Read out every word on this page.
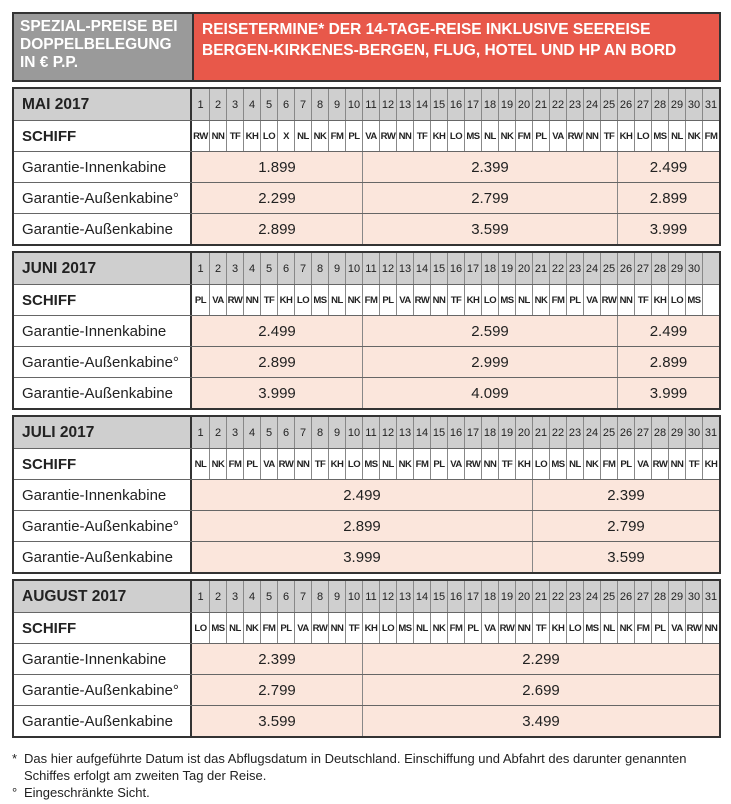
SPEZIAL-PREISE BEI DOPPELBELEGUNG IN € P.P.
REISETERMINE* DER 14-TAGE-REISE INKLUSIVE SEEREISE BERGEN-KIRKENES-BERGEN, FLUG, HOTEL UND HP AN BORD
MAI 2017	1	2 3 4 5 6 7 8 9 10 11 12 13 14 15 16 17 18 19 20 21 22 23 24 25 26 27 28 29 30 31
SCHIFF	RW NN TF KH LO X NL NK FM PL VA RW NN TF KH LO MS NL NK FM PL VA RW NN TF KH LO MS NL NK FM
Garantie-Innenkabine	1.899	2.399	2.499
Garantie-Außenkabine°	2.299	2.799	2.899
Garantie-Außenkabine	2.899	3.599	3.999
JUNI 2017	1	2 3 4 5 6 7 8 9 10 11 12 13 14 15 16 17 18 19 20 21 22 23 24 25 26 27 28 29 30
SCHIFF	PL VA RW NN TF KH LO MS NL NK FM PL VA RW NN TF KH LO MS NL NK FM PL VA RW NN TF KH LO MS
Garantie-Innenkabine	2.499	2.599	2.499
Garantie-Außenkabine°	2.899	2.999	2.899
Garantie-Außenkabine	3.999	4.099	3.999
JULI 2017	1	2 3 4 5 6 7 8 9 10 11 12 13 14 15 16 17 18 19 20 21 22 23 24 25 26 27 28 29 30 31
SCHIFF	NL NK FM PL VA RW NN TF KH LO MS NL NK FM PL VA RW NN TF KH LO MS NL NK FM PL VA RW NN TF KH
Garantie-Innenkabine	2.499	2.399
Garantie-Außenkabine°	2.899	2.799
Garantie-Außenkabine	3.999	3.599
AUGUST 2017	1	2 3 4 5 6 7 8 9 10 11 12 13 14 15 16 17 18 19 20 21 22 23 24 25 26 27 28 29 30 31
SCHIFF	LO MS NL NK FM PL VA RW NN TF KH LO MS NL NK FM PL VA RW NN TF KH LO MS NL NK FM PL VA RW NN
Garantie-Innenkabine	2.399	2.299
Garantie-Außenkabine°	2.799	2.699
Garantie-Außenkabine	3.599	3.499
* Das hier aufgeführte Datum ist das Abflugsdatum in Deutschland. Einschiffung und Abfahrt des darunter genannten Schiffes erfolgt am zweiten Tag der Reise.
° Eingeschränkte Sicht.
